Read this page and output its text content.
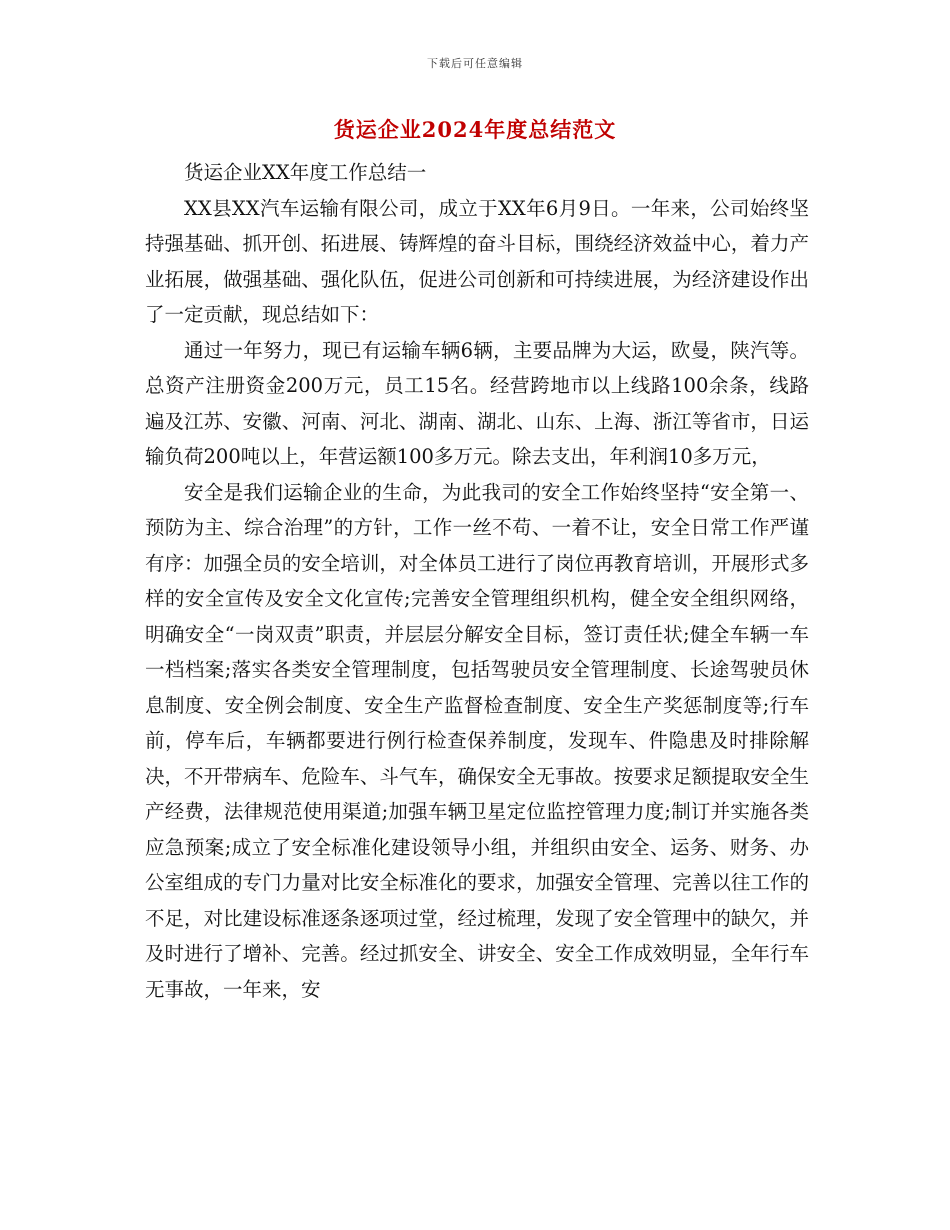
下载后可任意编辑
货运企业2024年度总结范文

货运企业XX年度工作总结一

XX县XX汽车运输有限公司，成立于XX年6月9日。一年来，公司始终坚持强基础、抓开创、拓进展、铸辉煌的奋斗目标，围绕经济效益中心，着力产业拓展，做强基础、强化队伍，促进公司创新和可持续进展，为经济建设作出了一定贡献，现总结如下：

通过一年努力，现已有运输车辆6辆，主要品牌为大运，欧曼，陕汽等。总资产注册资金200万元，员工15名。经营跨地市以上线路100余条，线路遍及江苏、安徽、河南、河北、湖南、湖北、山东、上海、浙江等省市，日运输负荷200吨以上，年营运额100多万元。除去支出，年利润10多万元，

安全是我们运输企业的生命，为此我司的安全工作始终坚持“安全第一、预防为主、综合治理”的方针，工作一丝不苟、一着不让，安全日常工作严谨有序：加强全员的安全培训，对全体员工进行了岗位再教育培训，开展形式多样的安全宣传及安全文化宣传;完善安全管理组织机构，健全安全组织网络，明确安全“一岗双责”职责，并层层分解安全目标，签订责任状;健全车辆一车一档档案;落实各类安全管理制度，包括驾驶员安全管理制度、长途驾驶员休息制度、安全例会制度、安全生产监督检查制度、安全生产奖惩制度等;行车前，停车后，车辆都要进行例行检查保养制度，发现车、件隐患及时排除解决，不开带病车、危险车、斗气车，确保安全无事故。按要求足额提取安全生产经费，法律规范使用渠道;加强车辆卫星定位监控管理力度;制订并实施各类应急预案;成立了安全标准化建设领导小组，并组织由安全、运务、财务、办公室组成的专门力量对比安全标准化的要求，加强安全管理、完善以往工作的不足，对比建设标准逐条逐项过堂，经过梳理，发现了安全管理中的缺欠，并及时进行了增补、完善。经过抓安全、讲安全、安全工作成效明显，全年行车无事故，一年来，安
